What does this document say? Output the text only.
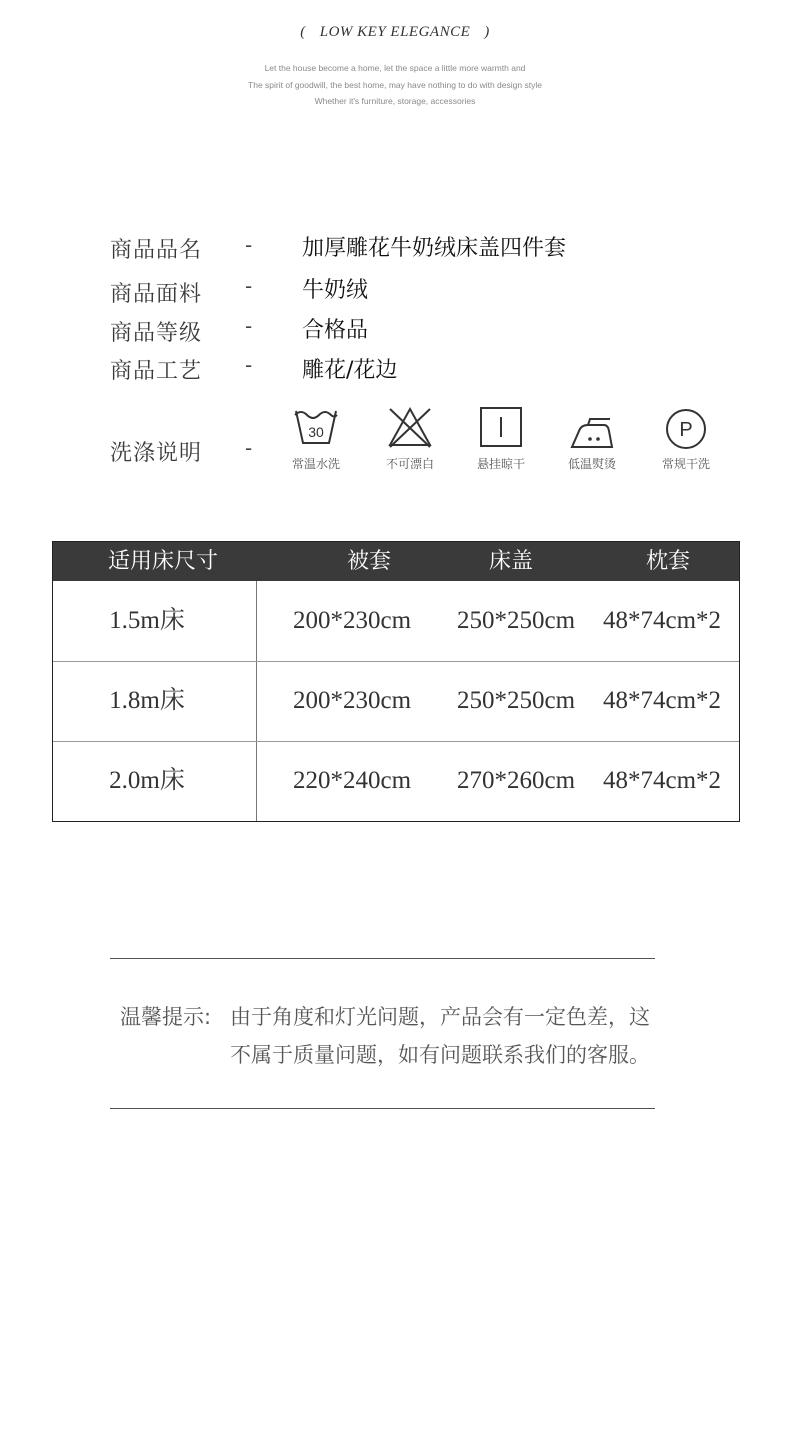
( LOW KEY ELEGANCE )
Let the house become a home, let the space a little more warmth and
The spirit of goodwill, the best home, may have nothing to do with design style
Whether it's furniture, storage, accessories
商品品名 - 加厚雕花牛奶绒床盖四件套
商品面料 - 牛奶绒
商品等级 - 合格品
商品工艺 - 雕花/花边
洗涤说明 -
30
常温水洗	不可漂白	悬挂晾干	低温熨烫
P
常规干洗
适用床尺寸	被套	床盖	枕套
1.5m床	200*230cm	250*250cm	48*74cm*2
1.8m床	200*230cm	250*250cm	48*74cm*2
2.0m床	220*240cm	270*260cm	48*74cm*2
温馨提示: 由于角度和灯光问题，产品会有一定色差，这
不属于质量问题，如有问题联系我们的客服。
